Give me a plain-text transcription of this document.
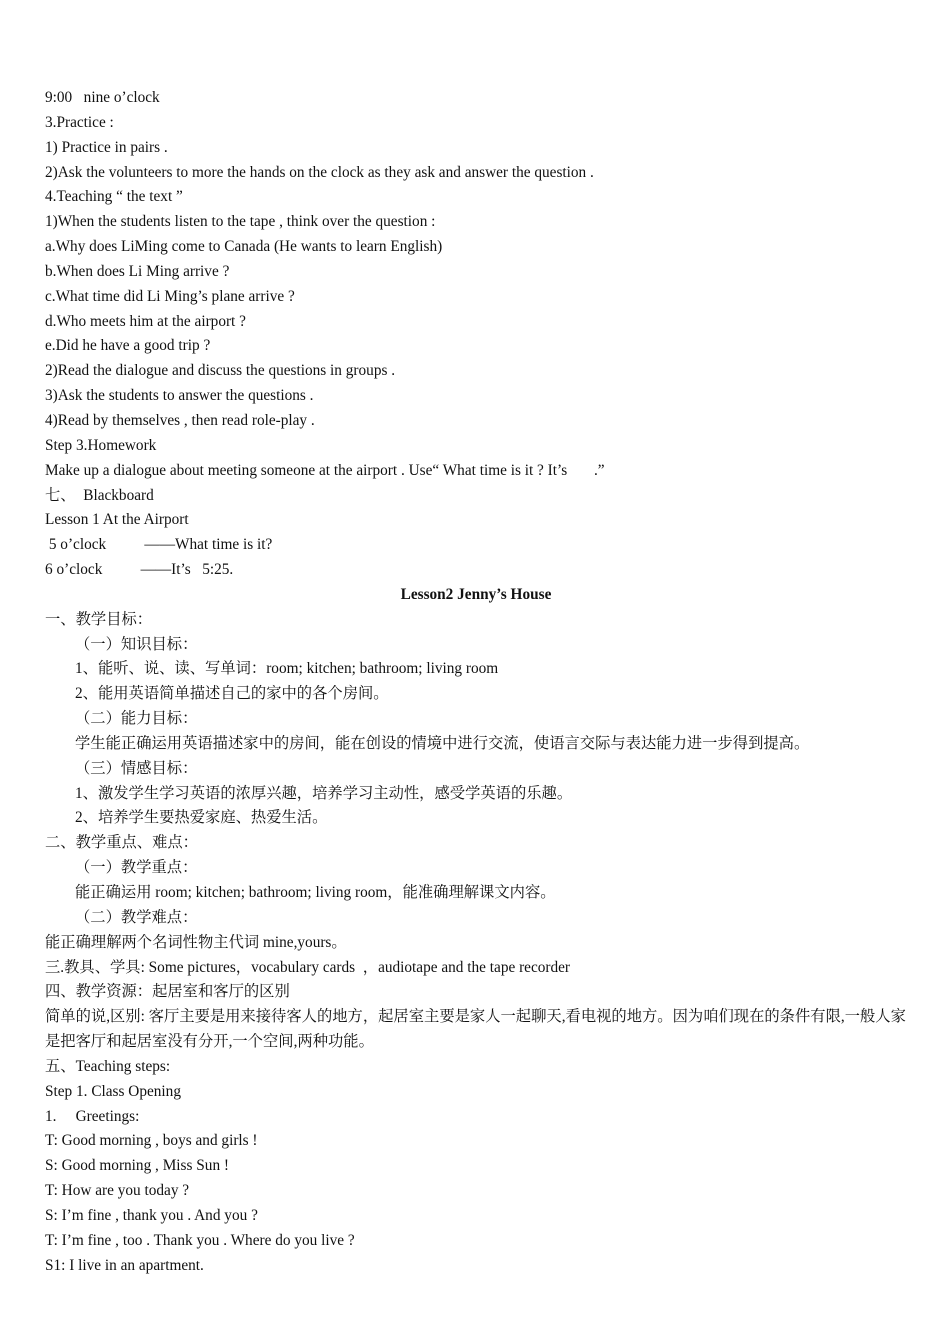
9:00   nine o’clock
3.Practice :
1) Practice in pairs .
2)Ask the volunteers to more the hands on the clock as they ask and answer the question .
4.Teaching “ the text ”
1)When the students listen to the tape , think over the question :
a.Why does LiMing come to Canada (He wants to learn English)
b.When does Li Ming arrive ?
c.What time did Li Ming’s plane arrive ?
d.Who meets him at the airport ?
e.Did he have a good trip ?
2)Read the dialogue and discuss the questions in groups .
3)Ask the students to answer the questions .
4)Read by themselves , then read role-play .
Step 3.Homework
Make up a dialogue about meeting someone at the airport . Use“ What time is it ? It’s       .”
七、  Blackboard
Lesson 1 At the Airport
5 o’clock          ——What time is it?
6 o’clock          ——It’s   5:25.
Lesson2 Jenny’s House
一、教学目标：
（一）知识目标：
1、能听、说、读、写单词：room; kitchen; bathroom; living room
2、能用英语简单描述自己的家中的各个房间。
（二）能力目标：
学生能正确运用英语描述家中的房间，能在创设的情境中进行交流，使语言交际与表达能力进一步得到提高。
（三）情感目标：
1、激发学生学习英语的浓厚兴趣，培养学习主动性，感受学英语的乐趣。
2、培养学生要热爱家庭、热爱生活。
二、教学重点、难点：
（一）教学重点：
能正确运用 room; kitchen; bathroom; living room，能准确理解课文内容。
（二）教学难点：
能正确理解两个名词性物主代词 mine,yours。
三.教具、学具: Some pictures，vocabulary cards  ，audiotape and the tape recorder
四、教学资源：起居室和客厅的区别
简单的说,区别: 客厅主要是用来接待客人的地方，起居室主要是家人一起聊天,看电视的地方。因为咱们现在的条件有限,一般人家是把客厅和起居室没有分开,一个空间,两种功能。
五、Teaching steps:
Step 1. Class Opening
1.     Greetings:
T: Good morning , boys and girls !
S: Good morning , Miss Sun !
T: How are you today ?
S: I’m fine , thank you . And you ?
T: I’m fine , too . Thank you . Where do you live ?
S1: I live in an apartment.
